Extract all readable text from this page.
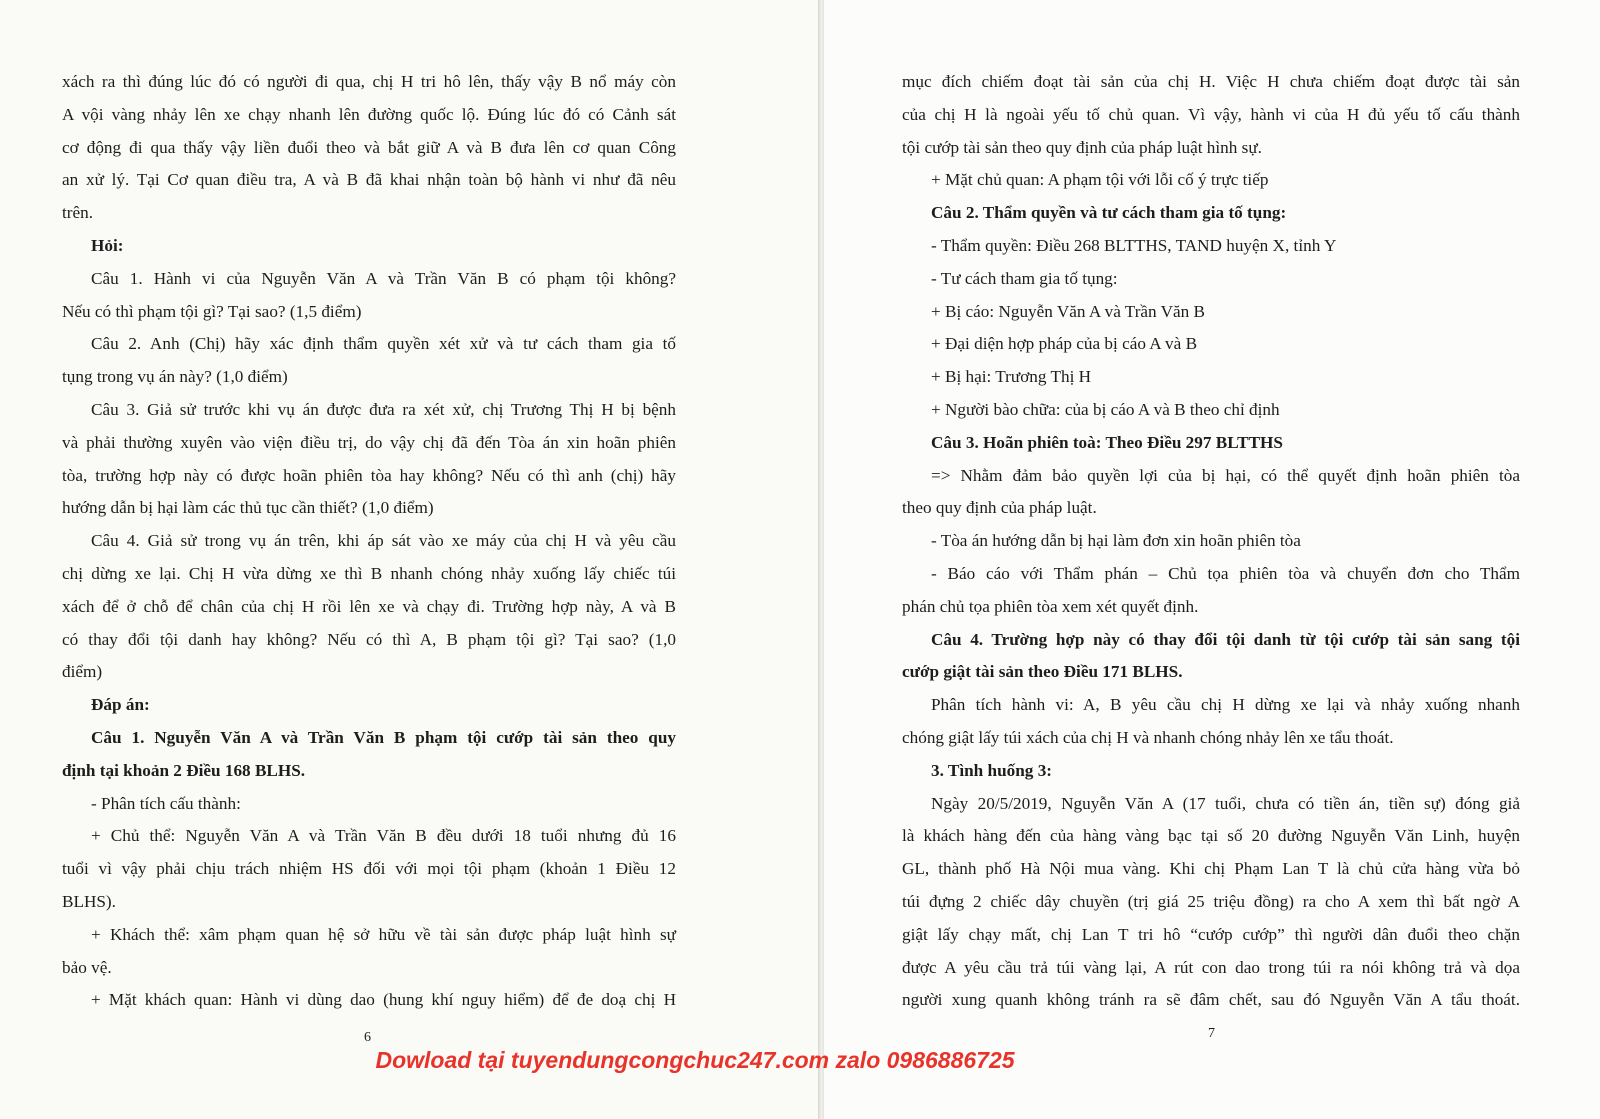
xách ra thì đúng lúc đó có người đi qua, chị H tri hô lên, thấy vậy B nổ máy còn
A vội vàng nhảy lên xe chạy nhanh lên đường quốc lộ. Đúng lúc đó có Cảnh sát
cơ động đi qua thấy vậy liền đuổi theo và bắt giữ A và B đưa lên cơ quan Công
an xử lý. Tại Cơ quan điều tra, A và B đã khai nhận toàn bộ hành vi như đã nêu
trên.
Hỏi:
Câu 1. Hành vi của Nguyễn Văn A và Trần Văn B có phạm tội không?
Nếu có thì phạm tội gì? Tại sao? (1,5 điểm)
Câu 2. Anh (Chị) hãy xác định thẩm quyền xét xử và tư cách tham gia tố
tụng trong vụ án này? (1,0 điểm)
Câu 3. Giả sử trước khi vụ án được đưa ra xét xử, chị Trương Thị H bị bệnh
và phải thường xuyên vào viện điều trị, do vậy chị đã đến Tòa án xin hoãn phiên
tòa, trường hợp này có được hoãn phiên tòa hay không? Nếu có thì anh (chị) hãy
hướng dẫn bị hại làm các thủ tục cần thiết? (1,0 điểm)
Câu 4. Giả sử trong vụ án trên, khi áp sát vào xe máy của chị H và yêu cầu
chị dừng xe lại. Chị H vừa dừng xe thì B nhanh chóng nhảy xuống lấy chiếc túi
xách để ở chỗ để chân của chị H rồi lên xe và chạy đi. Trường hợp này, A và B
có thay đổi tội danh hay không? Nếu có thì A, B phạm tội gì? Tại sao? (1,0
điểm)
Đáp án:
Câu 1. Nguyễn Văn A và Trần Văn B phạm tội cướp tài sản theo quy
định tại khoản 2 Điều 168 BLHS.
- Phân tích cấu thành:
+ Chủ thể: Nguyễn Văn A và Trần Văn B đều dưới 18 tuổi nhưng đủ 16
tuổi vì vậy phải chịu trách nhiệm HS đối với mọi tội phạm (khoản 1 Điều 12
BLHS).
+ Khách thể: xâm phạm quan hệ sở hữu về tài sản được pháp luật hình sự
bảo vệ.
+ Mặt khách quan: Hành vi dùng dao (hung khí nguy hiểm) để đe doạ chị H
6
mục đích chiếm đoạt tài sản của chị H. Việc H chưa chiếm đoạt được tài sản
của chị H là ngoài yếu tố chủ quan. Vì vậy, hành vi của H đủ yếu tố cấu thành
tội cướp tài sản theo quy định của pháp luật hình sự.
+ Mặt chủ quan: A phạm tội với lỗi cố ý trực tiếp
Câu 2. Thẩm quyền và tư cách tham gia tố tụng:
- Thẩm quyền: Điều 268 BLTTHS, TAND huyện X, tỉnh Y
- Tư cách tham gia tố tụng:
+ Bị cáo: Nguyễn Văn A và Trần Văn B
+ Đại diện hợp pháp của bị cáo A và B
+ Bị hại: Trương Thị H
+ Người bào chữa: của bị cáo A và B theo chỉ định
Câu 3. Hoãn phiên toà: Theo Điều 297 BLTTHS
=> Nhằm đảm bảo quyền lợi của bị hại, có thể quyết định hoãn phiên tòa
theo quy định của pháp luật.
- Tòa án hướng dẫn bị hại làm đơn xin hoãn phiên tòa
- Báo cáo với Thẩm phán – Chủ tọa phiên tòa và chuyển đơn cho Thẩm
phán chủ tọa phiên tòa xem xét quyết định.
Câu 4. Trường hợp này có thay đổi tội danh từ tội cướp tài sản sang tội
cướp giật tài sản theo Điều 171 BLHS.
Phân tích hành vi: A, B yêu cầu chị H dừng xe lại và nhảy xuống nhanh
chóng giật lấy túi xách của chị H và nhanh chóng nhảy lên xe tẩu thoát.
3. Tình huống 3:
Ngày 20/5/2019, Nguyễn Văn A (17 tuổi, chưa có tiền án, tiền sự) đóng giả
là khách hàng đến của hàng vàng bạc tại số 20 đường Nguyễn Văn Linh, huyện
GL, thành phố Hà Nội mua vàng. Khi chị Phạm Lan T là chủ cửa hàng vừa bỏ
túi đựng 2 chiếc dây chuyền (trị giá 25 triệu đồng) ra cho A xem thì bất ngờ A
giật lấy chạy mất, chị Lan T tri hô “cướp cướp” thì người dân đuổi theo chặn
được A yêu cầu trả túi vàng lại, A rút con dao trong túi ra nói không trả và dọa
người xung quanh không tránh ra sẽ đâm chết, sau đó Nguyễn Văn A tẩu thoát.
7
Dowload tại tuyendungcongchuc247.com zalo 0986886725
